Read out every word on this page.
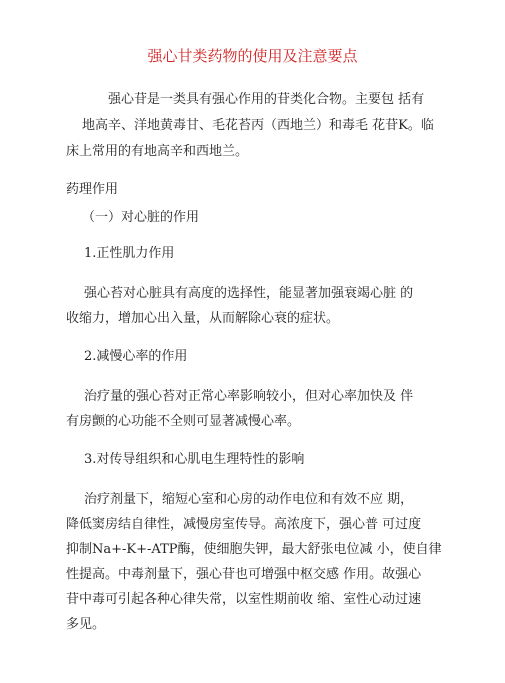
强心甘类药物的使用及注意要点

强心苷是一类具有强心作用的苷类化合物。主要包 括有

地高辛、洋地黄毒甘、毛花苔丙（西地兰）和毒毛 花苷K。临

床上常用的有地高辛和西地兰。

药理作用

（一）对心脏的作用

1.正性肌力作用

强心苔对心脏具有高度的选择性，能显著加强衰竭心脏 的

收缩力，增加心出入量，从而解除心衰的症状。

2.减慢心率的作用

治疗量的强心苔对正常心率影响较小，但对心率加快及 伴

有房颤的心功能不全则可显著减慢心率。

3.对传导组织和心肌电生理特性的影响

治疗剂量下，缩短心室和心房的动作电位和有效不应 期，

降低窦房结自律性，减慢房室传导。高浓度下，强心普 可过度

抑制Na+-K+-ATP酶，使细胞失钾，最大舒张电位减 小，使自律

性提高。中毒剂量下，强心苷也可增强中枢交感 作用。故强心

苷中毒可引起各种心律失常，以室性期前收 缩、室性心动过速

多见。
